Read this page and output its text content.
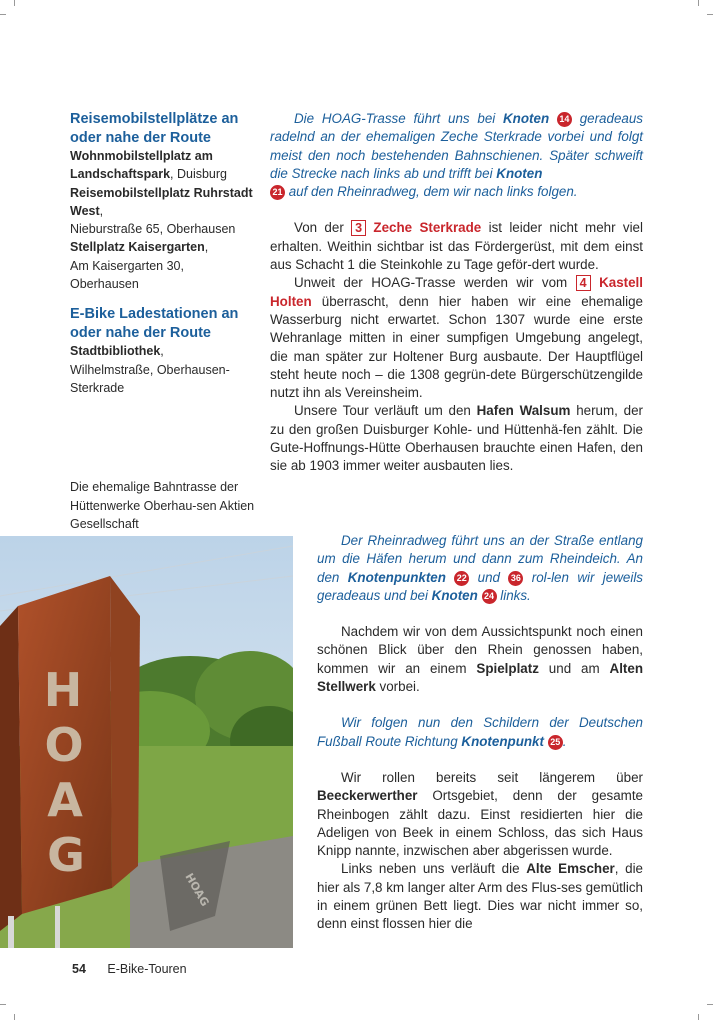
Reisemobilstellplätze an oder nahe der Route

Wohnmobilstellplatz am Landschaftspark, Duisburg

Reisemobilstellplatz Ruhrstadt West,
Nieburstraße 65, Oberhausen

Stellplatz Kaisergarten,
Am Kaisergarten 30, Oberhausen

E-Bike Ladestationen an oder nahe der Route

Stadtbibliothek,
Wilhelmstraße, Oberhausen-Sterkrade

Die ehemalige Bahntrasse der Hüttenwerke Oberhau-sen Aktien Gesellschaft
HOAG
H
O
A
G

Die HOAG-Trasse führt uns bei Knoten 14 geradeaus radelnd an der ehemaligen Zeche Sterkrade vorbei und folgt meist den noch bestehenden Bahnschienen. Später schweift die Strecke nach links ab und trifft bei Knoten
21 auf den Rheinradweg, dem wir nach links folgen.

Von der 3 Zeche Sterkrade ist leider nicht mehr viel erhalten. Weithin sichtbar ist das Fördergerüst, mit dem einst aus Schacht 1 die Steinkohle zu Tage geför-dert wurde.

Unweit der HOAG-Trasse werden wir vom 4 Kastell Holten überrascht, denn hier haben wir eine ehemalige Wasserburg nicht erwartet. Schon 1307 wurde eine erste Wehranlage mitten in einer sumpfigen Umgebung angelegt, die man später zur Holtener Burg ausbaute. Der Hauptflügel steht heute noch – die 1308 gegrün-dete Bürgerschützengilde nutzt ihn als Vereinsheim.

Unsere Tour verläuft um den Hafen Walsum herum, der zu den großen Duisburger Kohle- und Hüttenhä-fen zählt. Die Gute-Hoffnungs-Hütte Oberhausen brauchte einen Hafen, den sie ab 1903 immer weiter ausbauten lies.

Der Rheinradweg führt uns an der Straße entlang um die Häfen herum und dann zum Rheindeich. An den Knotenpunkten 22 und 36 rol-len wir jeweils geradeaus und bei Knoten 24 links.

Nachdem wir von dem Aussichtspunkt noch einen schönen Blick über den Rhein genossen haben, kommen wir an einem Spielplatz und am Alten Stellwerk vorbei.

Wir folgen nun den Schildern der Deutschen Fußball Route Richtung Knotenpunkt 25 .

Wir rollen bereits seit längerem über Beeckerwerther Ortsgebiet, denn der gesamte Rheinbogen zählt dazu. Einst residierten hier die Adeligen von Beek in einem Schloss, das sich Haus Knipp nannte, inzwischen aber abgerissen wurde.

Links neben uns verläuft die Alte Emscher, die hier als 7,8 km langer alter Arm des Flus-ses gemütlich in einem grünen Bett liegt. Dies war nicht immer so, denn einst flossen hier die

54 E-Bike-Touren
